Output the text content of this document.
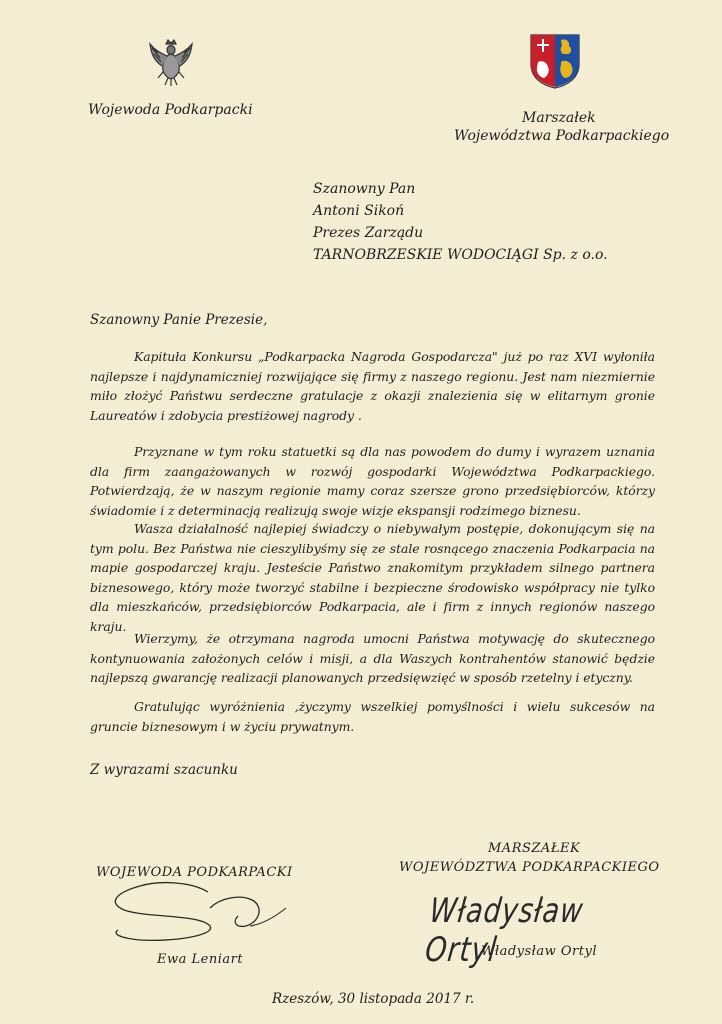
Wojewoda Podkarpacki	Marszałek
Województwa Podkarpackiego
Szanowny Pan
Antoni Sikoń
Prezes Zarządu
TARNOBRZESKIE WODOCIĄGI Sp. z o.o.
Szanowny Panie Prezesie,

Kapituła Konkursu „Podkarpacka Nagroda Gospodarcza" już po raz XVI wyłoniła najlepsze i najdynamiczniej rozwijające się firmy z naszego regionu. Jest nam niezmiernie miło złożyć Państwu serdeczne gratulacje z okazji znalezienia się w elitarnym gronie Laureatów i zdobycia prestiżowej nagrody .

Przyznane w tym roku statuetki są dla nas powodem do dumy i wyrazem uznania dla firm zaangażowanych w rozwój gospodarki Województwa Podkarpackiego. Potwierdzają, że w naszym regionie mamy coraz szersze grono przedsiębiorców, którzy świadomie i z determinacją realizują swoje wizje ekspansji rodzimego biznesu.

Wasza działalność najlepiej świadczy o niebywałym postępie, dokonującym się na tym polu. Bez Państwa nie cieszylibyśmy się ze stale rosnącego znaczenia Podkarpacia na mapie gospodarczej kraju. Jesteście Państwo znakomitym przykładem silnego partnera biznesowego, który może tworzyć stabilne i bezpieczne środowisko współpracy nie tylko dla mieszkańców, przedsiębiorców Podkarpacia, ale i firm z innych regionów naszego kraju.

Wierzymy, że otrzymana nagroda umocni Państwa motywację do skutecznego kontynuowania założonych celów i misji, a dla Waszych kontrahentów stanowić będzie najlepszą gwarancję realizacji planowanych przedsięwzięć w sposób rzetelny i etyczny.

Gratulując wyróżnienia ,życzymy wszelkiej pomyślności i wielu sukcesów na gruncie biznesowym i w życiu prywatnym.

Z wyrazami szacunku
MARSZAŁEK
WOJEWÓDZTWA PODKARPACKIEGO
WOJEWODA PODKARPACKI
Władysław Ortyl
Ewa Leniart
Władysław Ortyl
Rzeszów, 30 listopada 2017 r.
